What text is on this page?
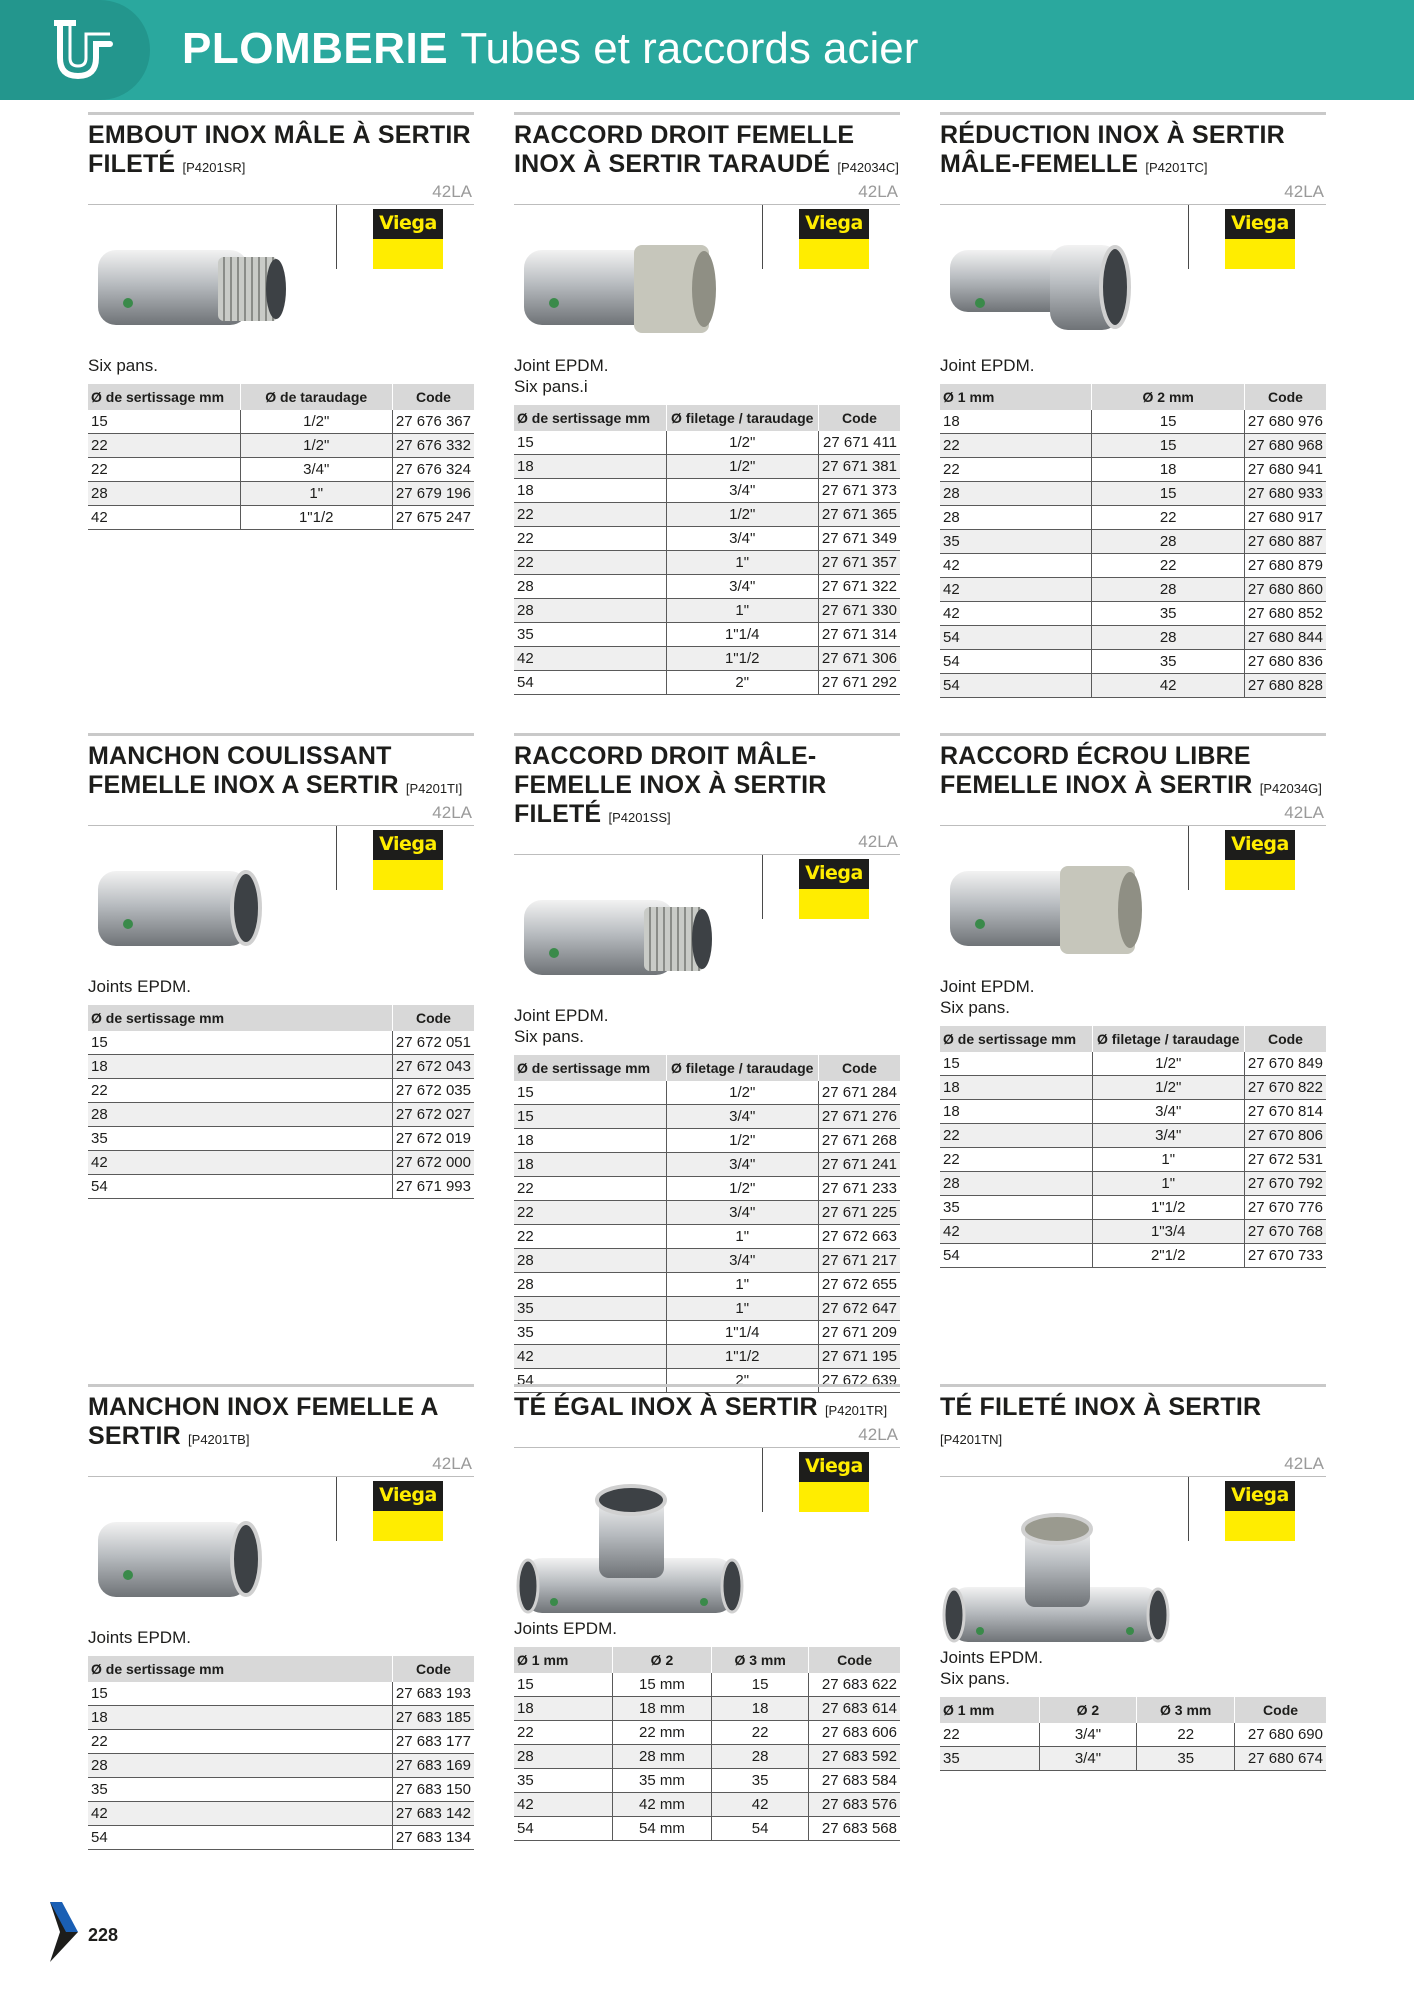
PLOMBERIE Tubes et raccords acier
EMBOUT INOX MÂLE À SERTIR FILETÉ [P4201SR]
42LA
Viega

Six pans.

Ø de sertissage mm	Ø de taraudage	Code
15	1/2"	27 676 367
22	1/2"	27 676 332
22	3/4"	27 676 324
28	1"	27 679 196
42	1"1/2	27 675 247
RACCORD DROIT FEMELLE INOX À SERTIR TARAUDÉ [P42034C]
42LA
Viega

Joint EPDM.

Six pans.i

Ø de sertissage mm	Ø filetage / taraudage	Code
15	1/2"	27 671 411
18	1/2"	27 671 381
18	3/4"	27 671 373
22	1/2"	27 671 365
22	3/4"	27 671 349
22	1"	27 671 357
28	3/4"	27 671 322
28	1"	27 671 330
35	1"1/4	27 671 314
42	1"1/2	27 671 306
54	2"	27 671 292
RÉDUCTION INOX À SERTIR MÂLE-FEMELLE [P4201TC]
42LA
Viega

Joint EPDM.

Ø 1 mm	Ø 2 mm	Code
18	15	27 680 976
22	15	27 680 968
22	18	27 680 941
28	15	27 680 933
28	22	27 680 917
35	28	27 680 887
42	22	27 680 879
42	28	27 680 860
42	35	27 680 852
54	28	27 680 844
54	35	27 680 836
54	42	27 680 828
MANCHON COULISSANT FEMELLE INOX A SERTIR [P4201TI]
42LA
Viega

Joints EPDM.

Ø de sertissage mm	Code
15	27 672 051
18	27 672 043
22	27 672 035
28	27 672 027
35	27 672 019
42	27 672 000
54	27 671 993
RACCORD DROIT MÂLE-FEMELLE INOX À SERTIR FILETÉ [P4201SS]
42LA
Viega

Joint EPDM.

Six pans.

Ø de sertissage mm	Ø filetage / taraudage	Code
15	1/2"	27 671 284
15	3/4"	27 671 276
18	1/2"	27 671 268
18	3/4"	27 671 241
22	1/2"	27 671 233
22	3/4"	27 671 225
22	1"	27 672 663
28	3/4"	27 671 217
28	1"	27 672 655
35	1"	27 672 647
35	1"1/4	27 671 209
42	1"1/2	27 671 195
54	2"	27 672 639
RACCORD ÉCROU LIBRE FEMELLE INOX À SERTIR [P42034G]
42LA
Viega

Joint EPDM.

Six pans.

Ø de sertissage mm	Ø filetage / taraudage	Code
15	1/2"	27 670 849
18	1/2"	27 670 822
18	3/4"	27 670 814
22	3/4"	27 670 806
22	1"	27 672 531
28	1"	27 670 792
35	1"1/2	27 670 776
42	1"3/4	27 670 768
54	2"1/2	27 670 733
MANCHON INOX FEMELLE A SERTIR [P4201TB]
42LA
Viega

Joints EPDM.

Ø de sertissage mm	Code
15	27 683 193
18	27 683 185
22	27 683 177
28	27 683 169
35	27 683 150
42	27 683 142
54	27 683 134
TÉ ÉGAL INOX À SERTIR [P4201TR]
42LA
Viega

Joints EPDM.

Ø 1 mm	Ø 2	Ø 3 mm	Code
15	15 mm	15	27 683 622
18	18 mm	18	27 683 614
22	22 mm	22	27 683 606
28	28 mm	28	27 683 592
35	35 mm	35	27 683 584
42	42 mm	42	27 683 576
54	54 mm	54	27 683 568
TÉ FILETÉ INOX À SERTIR [P4201TN]
42LA
Viega

Joints EPDM.

Six pans.

Ø 1 mm	Ø 2	Ø 3 mm	Code
22	3/4"	22	27 680 690
35	3/4"	35	27 680 674
228
